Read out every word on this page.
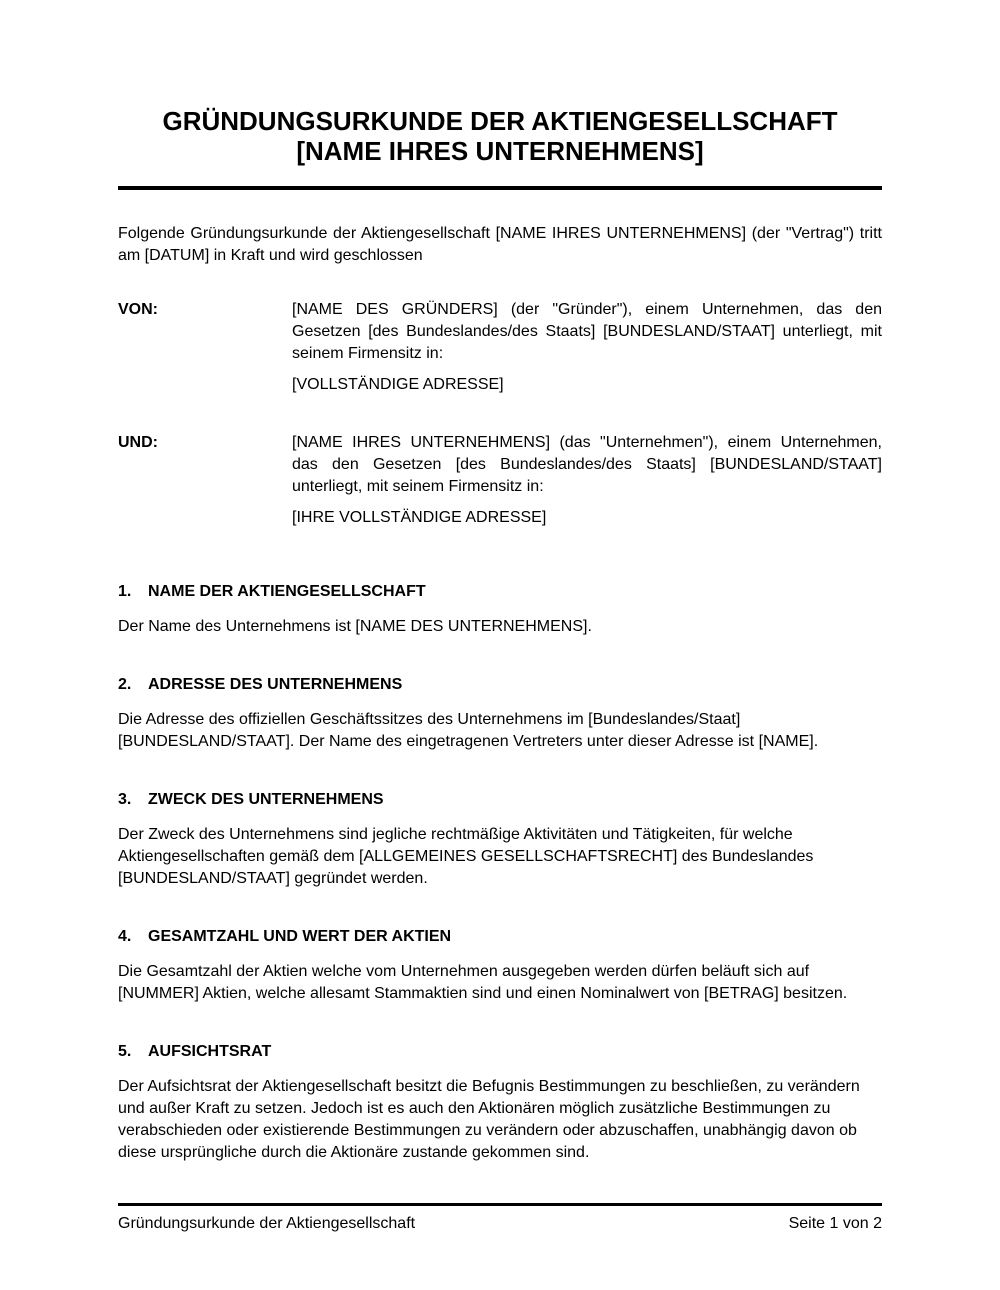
GRÜNDUNGSURKUNDE DER AKTIENGESELLSCHAFT
[NAME IHRES UNTERNEHMENS]

Folgende Gründungsurkunde der Aktiengesellschaft [NAME IHRES UNTERNEHMENS] (der "Vertrag") tritt am [DATUM] in Kraft und wird geschlossen

VON:	[NAME DES GRÜNDERS] (der "Gründer"), einem Unternehmen, das den Gesetzen [des Bundeslandes/des Staats] [BUNDESLAND/STAAT] unterliegt, mit seinem Firmensitz in:

[VOLLSTÄNDIGE ADRESSE]
UND:	[NAME IHRES UNTERNEHMENS] (das "Unternehmen"), einem Unternehmen, das den Gesetzen [des Bundeslandes/des Staats] [BUNDESLAND/STAAT] unterliegt, mit seinem Firmensitz in:

[IHRE VOLLSTÄNDIGE ADRESSE]
1.	NAME DER AKTIENGESELLSCHAFT

Der Name des Unternehmens ist [NAME DES UNTERNEHMENS].

2.	ADRESSE DES UNTERNEHMENS

Die Adresse des offiziellen Geschäftssitzes des Unternehmens im [Bundeslandes/Staat] [BUNDESLAND/STAAT]. Der Name des eingetragenen Vertreters unter dieser Adresse ist [NAME].

3.	ZWECK DES UNTERNEHMENS

Der Zweck des Unternehmens sind jegliche rechtmäßige Aktivitäten und Tätigkeiten, für welche Aktiengesellschaften gemäß dem [ALLGEMEINES GESELLSCHAFTSRECHT] des Bundeslandes [BUNDESLAND/STAAT] gegründet werden.

4.	GESAMTZAHL UND WERT DER AKTIEN

Die Gesamtzahl der Aktien welche vom Unternehmen ausgegeben werden dürfen beläuft sich auf [NUMMER] Aktien, welche allesamt Stammaktien sind und einen Nominalwert von [BETRAG] besitzen.

5.	AUFSICHTSRAT

Der Aufsichtsrat der Aktiengesellschaft besitzt die Befugnis Bestimmungen zu beschließen, zu verändern und außer Kraft zu setzen. Jedoch ist es auch den Aktionären möglich zusätzliche Bestimmungen zu verabschieden oder existierende Bestimmungen zu verändern oder abzuschaffen, unabhängig davon ob diese ursprüngliche durch die Aktionäre zustande gekommen sind.

Gründungsurkunde der Aktiengesellschaft	Seite 1 von 2
